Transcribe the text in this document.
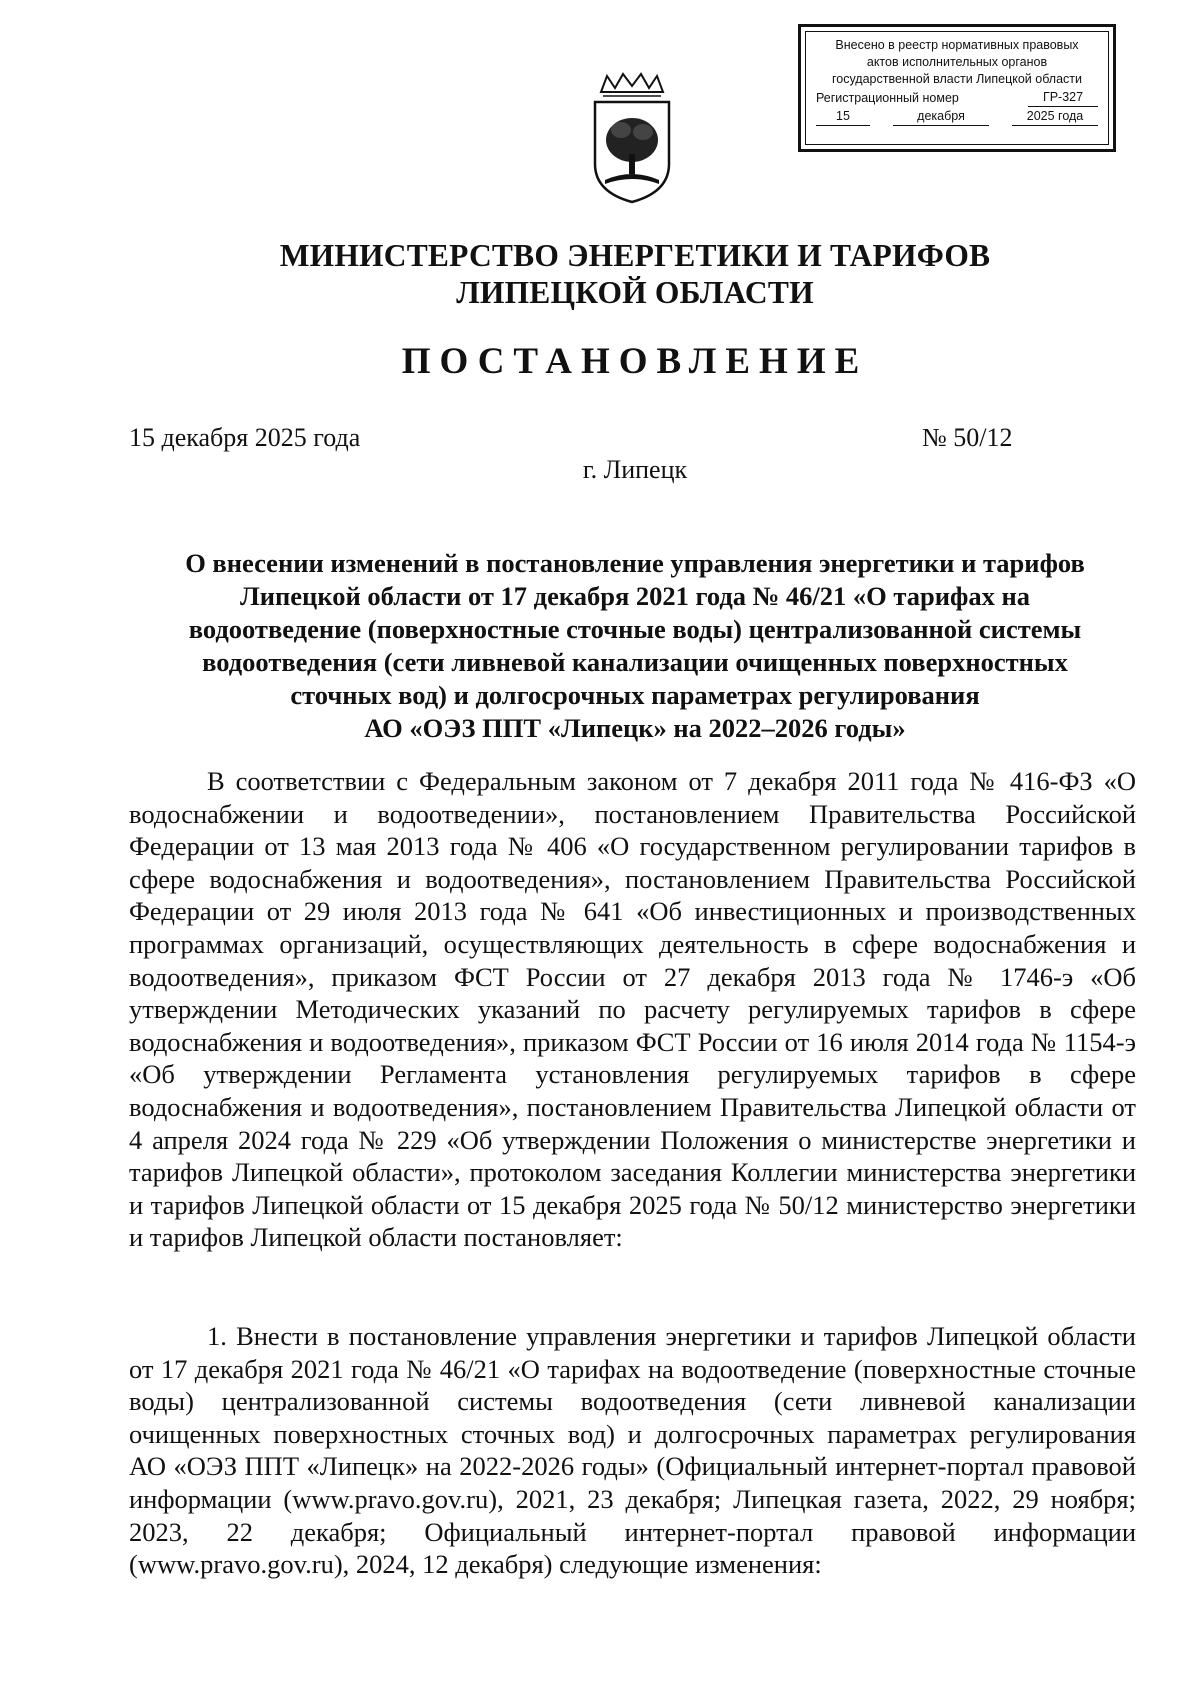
Внесено в реестр нормативных правовых
актов исполнительных органов
государственной власти Липецкой области
Регистрационный номер	ГР-327
15	декабря	2025 года
МИНИСТЕРСТВО ЭНЕРГЕТИКИ И ТАРИФОВ
ЛИПЕЦКОЙ ОБЛАСТИ
ПОСТАНОВЛЕНИЕ
15 декабря 2025 года	№ 50/12
г. Липецк
О внесении изменений в постановление управления энергетики и тарифов
Липецкой области от 17 декабря 2021 года № 46/21 «О тарифах на
водоотведение (поверхностные сточные воды) централизованной системы
водоотведения (сети ливневой канализации очищенных поверхностных
сточных вод) и долгосрочных параметрах регулирования
АО «ОЭЗ ППТ «Липецк» на 2022–2026 годы»
В соответствии с Федеральным законом от 7 декабря 2011 года № 416-ФЗ «О водоснабжении и водоотведении», постановлением Правительства Российской Федерации от 13 мая 2013 года № 406 «О государственном регулировании тарифов в сфере водоснабжения и водоотведения», постановлением Правительства Российской Федерации от 29 июля 2013 года № 641 «Об инвестиционных и производственных программах организаций, осуществляющих деятельность в сфере водоснабжения и водоотведения», приказом ФСТ России от 27 декабря 2013 года № 1746-э «Об утверждении Методических указаний по расчету регулируемых тарифов в сфере водоснабжения и водоотведения», приказом ФСТ России от 16 июля 2014 года № 1154-э «Об утверждении Регламента установления регулируемых тарифов в сфере водоснабжения и водоотведения», постановлением Правительства Липецкой области от 4 апреля 2024 года № 229 «Об утверждении Положения о министерстве энергетики и тарифов Липецкой области», протоколом заседания Коллегии министерства энергетики и тарифов Липецкой области от 15 декабря 2025 года № 50/12 министерство энергетики и тарифов Липецкой области постановляет:
1. Внести в постановление управления энергетики и тарифов Липецкой области от 17 декабря 2021 года № 46/21 «О тарифах на водоотведение (поверхностные сточные воды) централизованной системы водоотведения (сети ливневой канализации очищенных поверхностных сточных вод) и долгосрочных параметрах регулирования АО «ОЭЗ ППТ «Липецк» на 2022-2026 годы» (Официальный интернет-портал правовой информации (www.pravo.gov.ru), 2021, 23 декабря; Липецкая газета, 2022, 29 ноября; 2023, 22 декабря; Официальный интернет-портал правовой информации (www.pravo.gov.ru), 2024, 12 декабря) следующие изменения:
